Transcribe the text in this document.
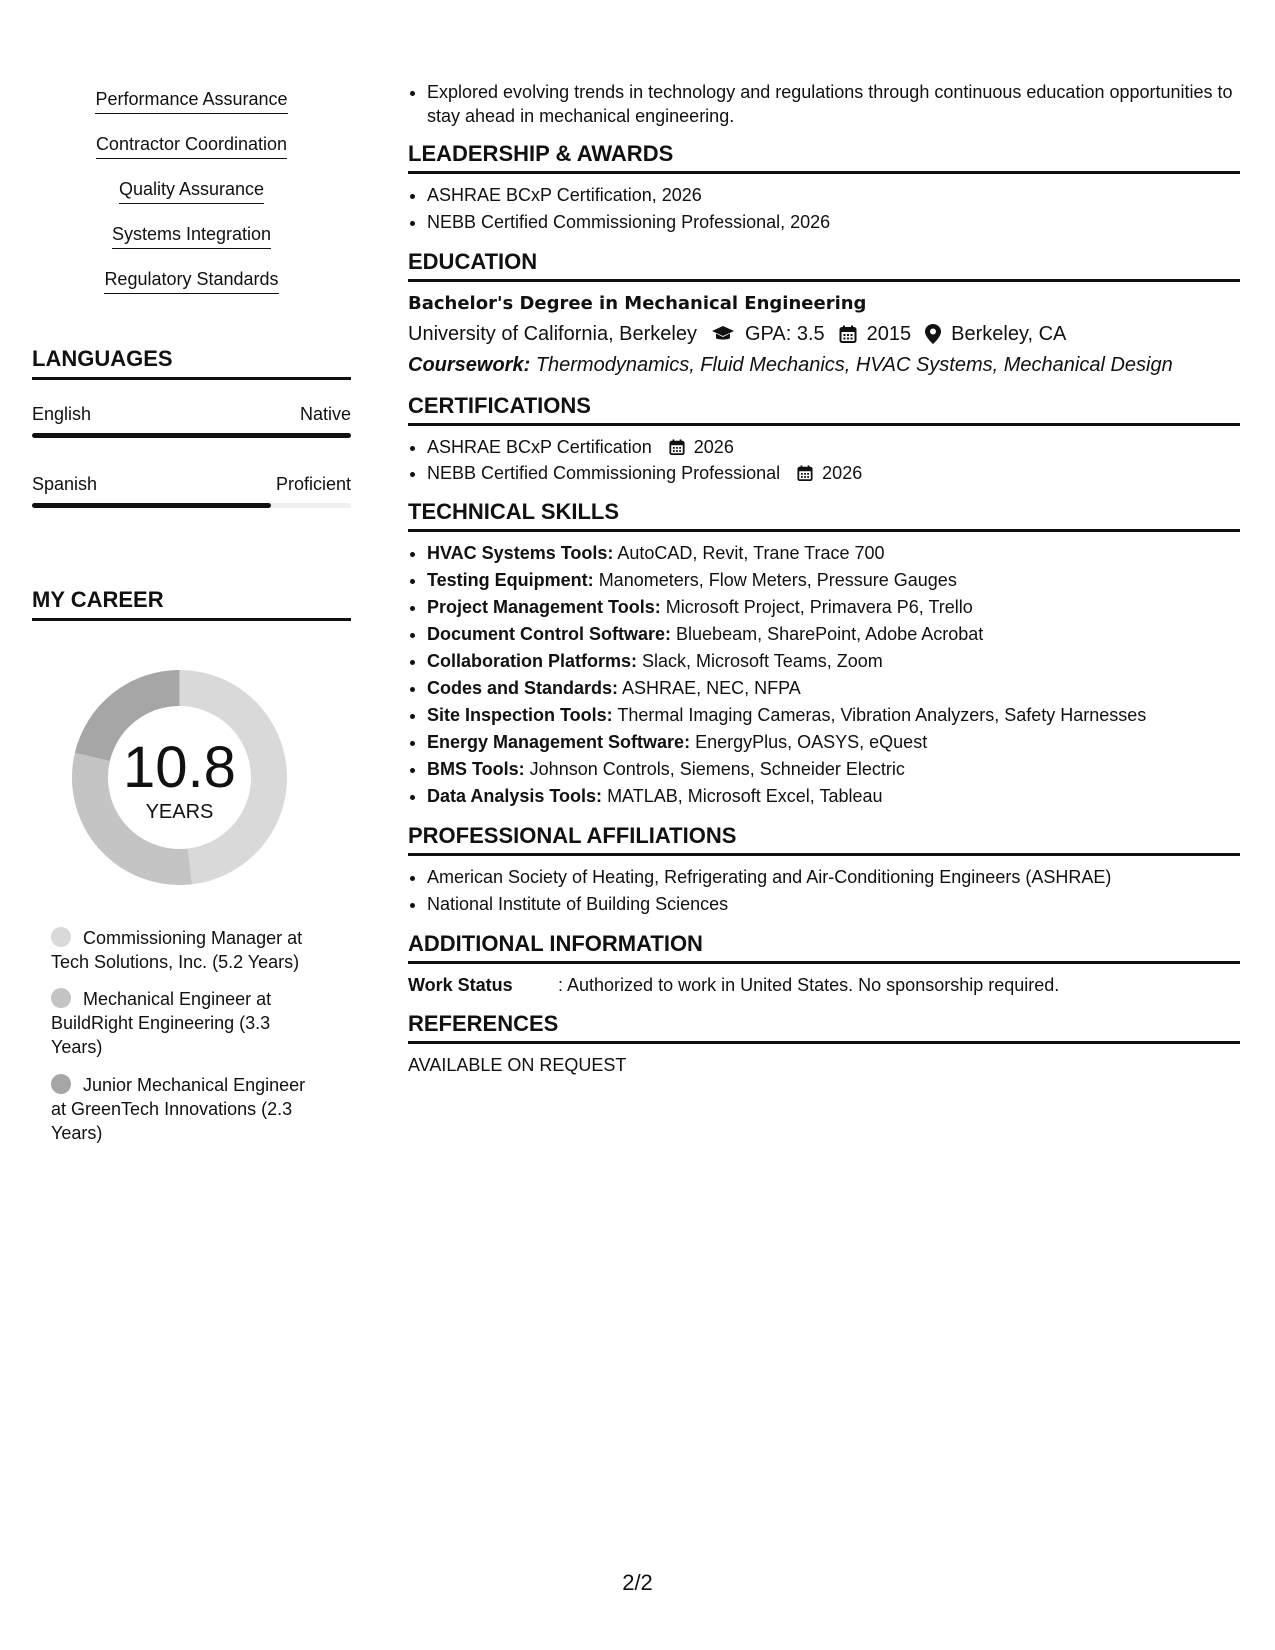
Performance Assurance
Contractor Coordination
Quality Assurance
Systems Integration
Regulatory Standards
LANGUAGES
English	Native
Spanish	Proficient
MY CAREER
10.8
YEARS
Commissioning Manager at Tech Solutions, Inc. (5.2 Years)
Mechanical Engineer at BuildRight Engineering (3.3 Years)
Junior Mechanical Engineer at GreenTech Innovations (2.3 Years)
• Explored evolving trends in technology and regulations through continuous education opportunities to stay ahead in mechanical engineering.
LEADERSHIP & AWARDS
• ASHRAE BCxP Certification, 2026
• NEBB Certified Commissioning Professional, 2026
EDUCATION
Bachelor's Degree in Mechanical Engineering
University of California, Berkeley GPA: 3.5 2015 Berkeley, CA
Coursework: Thermodynamics, Fluid Mechanics, HVAC Systems, Mechanical Design
CERTIFICATIONS
• ASHRAE BCxP Certification 2026
• NEBB Certified Commissioning Professional 2026
TECHNICAL SKILLS
• HVAC Systems Tools: AutoCAD, Revit, Trane Trace 700
• Testing Equipment: Manometers, Flow Meters, Pressure Gauges
• Project Management Tools: Microsoft Project, Primavera P6, Trello
• Document Control Software: Bluebeam, SharePoint, Adobe Acrobat
• Collaboration Platforms: Slack, Microsoft Teams, Zoom
• Codes and Standards: ASHRAE, NEC, NFPA
• Site Inspection Tools: Thermal Imaging Cameras, Vibration Analyzers, Safety Harnesses
• Energy Management Software: EnergyPlus, OASYS, eQuest
• BMS Tools: Johnson Controls, Siemens, Schneider Electric
• Data Analysis Tools: MATLAB, Microsoft Excel, Tableau
PROFESSIONAL AFFILIATIONS
• American Society of Heating, Refrigerating and Air-Conditioning Engineers (ASHRAE)
• National Institute of Building Sciences
ADDITIONAL INFORMATION
Work Status	: Authorized to work in United States. No sponsorship required.
REFERENCES
AVAILABLE ON REQUEST
2/2
